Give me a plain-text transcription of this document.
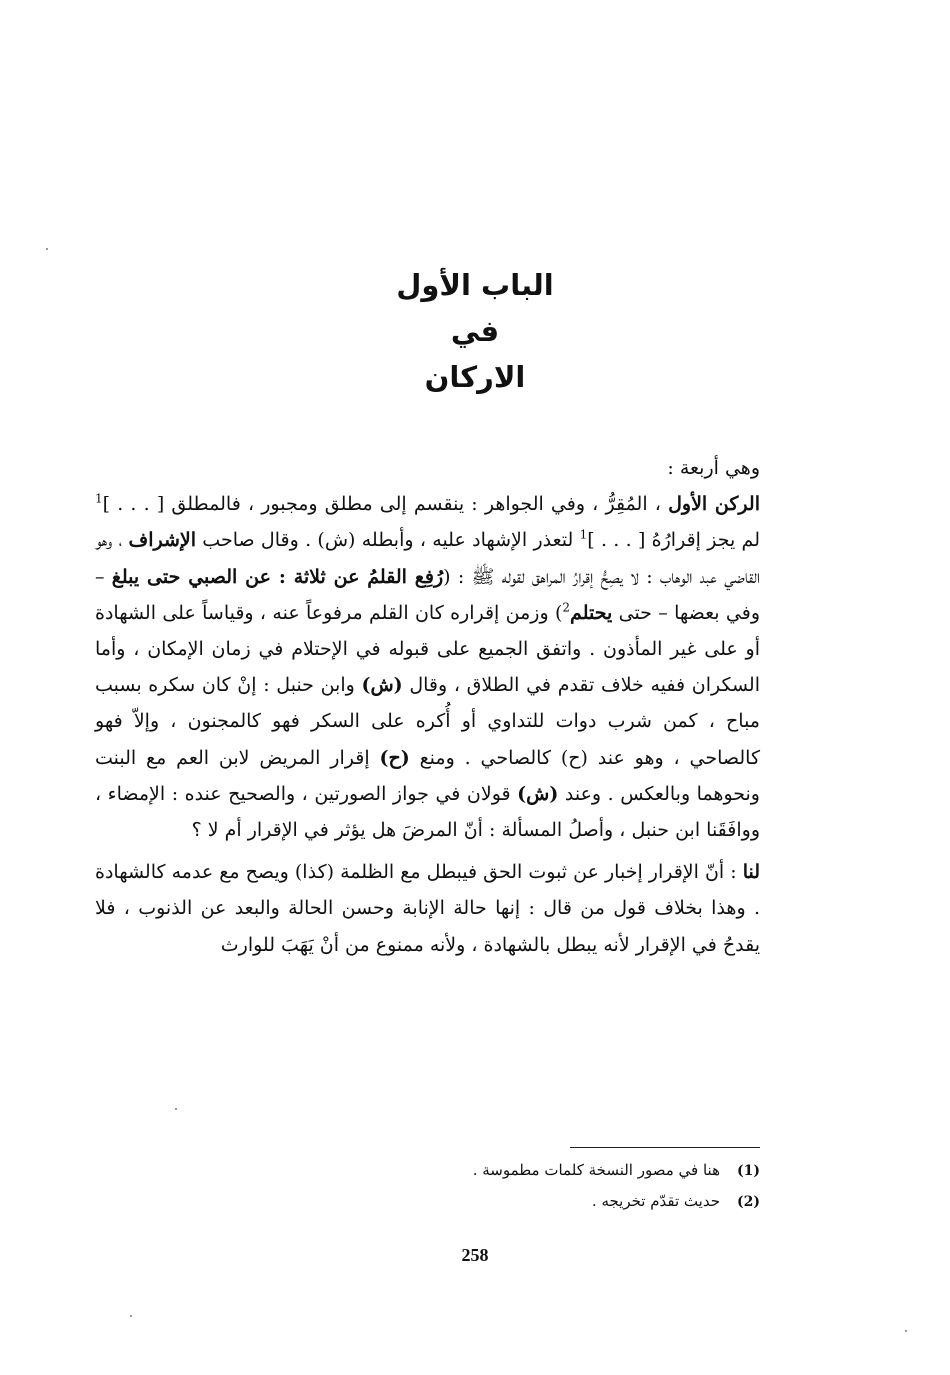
الباب الأول
في
الاركان

وهي أربعة :

الركن الأول ، المُقِرُّ ، وفي الجواهر : ينقسم إلى مطلق ومجبور ، فالمطلق [ . . . ]$^1$ لم يجز إقرارُهُ [ . . . ]$^1$ لتعذر الإشهاد عليه ، وأبطله (ش) . وقال صاحب الإشراف ، وهو القاضي عبد الوهاب : لا يصِحُّ إقرارُ المراهق لقوله ﷺ : (رُفِع القلمُ عن ثلاثة : عن الصبي حتى يبلغ – وفي بعضها – حتى يحتلم$^2$) وزمن إقراره كان القلم مرفوعاً عنه ، وقياساً على الشهادة أو على غير المأذون . واتفق الجميع على قبوله في الإحتلام في زمان الإمكان ، وأما السكران ففيه خلاف تقدم في الطلاق ، وقال (ش) وابن حنبل : إنْ كان سكره بسبب مباح ، كمن شرب دوات للتداوي أو أُكره على السكر فهو كالمجنون ، وإلاّ فهو كالصاحي ، وهو عند (ح) كالصاحي . ومنع (ح) إقرار المريض لابن العم مع البنت ونحوهما وبالعكس . وعند (ش) قولان في جواز الصورتين ، والصحيح عنده : الإمضاء ، ووافَقَنا ابن حنبل ، وأصلُ المسألة : أنّ المرضَ هل يؤثر في الإقرار أم لا ؟

لنا : أنّ الإقرار إخبار عن ثبوت الحق فيبطل مع الظلمة (كذا) ويصح مع عدمه كالشهادة . وهذا بخلاف قول من قال : إنها حالة الإنابة وحسن الحالة والبعد عن الذنوب ، فلا يقدحُ في الإقرار لأنه يبطل بالشهادة ، ولأنه ممنوع من أنْ يَهَبَ للوارث

(1)هنا في مصور النسخة كلمات مطموسة .
(2)حديث تقدّم تخريجه .
258
